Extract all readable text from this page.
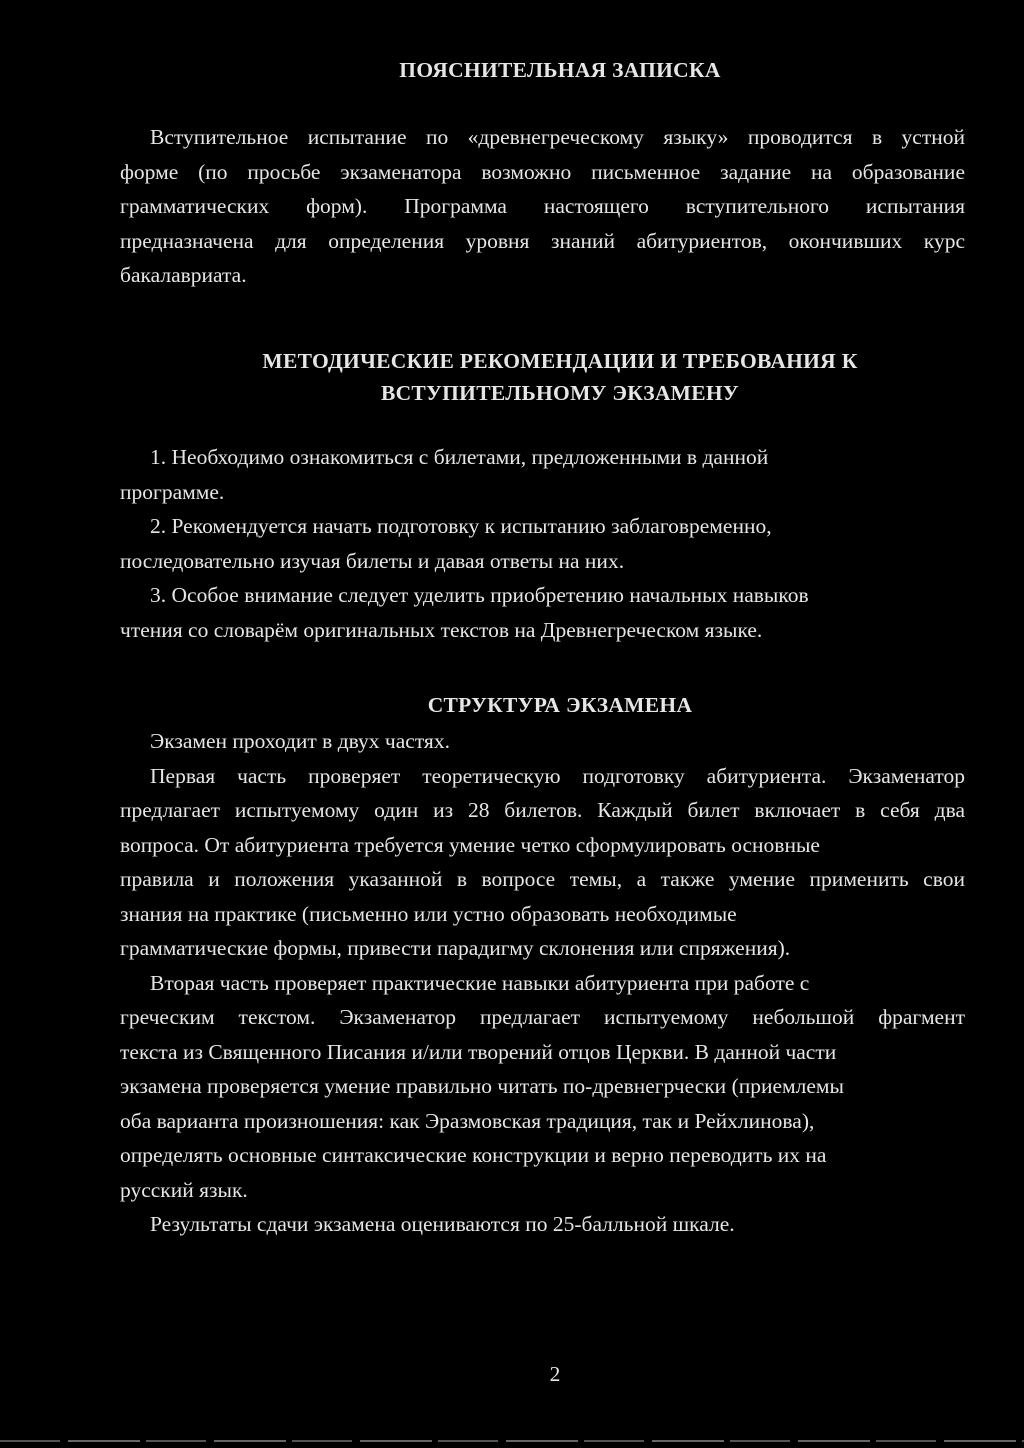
ПОЯСНИТЕЛЬНАЯ ЗАПИСКА
Вступительное испытание по «древнегреческому языку» проводится в устной
форме (по просьбе экзаменатора возможно письменное задание на образование
грамматических форм). Программа настоящего вступительного испытания
предназначена для определения уровня знаний абитуриентов, окончивших курс
бакалавриата.
МЕТОДИЧЕСКИЕ РЕКОМЕНДАЦИИ И ТРЕБОВАНИЯ К
ВСТУПИТЕЛЬНОМУ ЭКЗАМЕНУ
1. Необходимо ознакомиться с билетами, предложенными в данной
программе.
2. Рекомендуется начать подготовку к испытанию заблаговременно,
последовательно изучая билеты и давая ответы на них.
3. Особое внимание следует уделить приобретению начальных навыков
чтения со словарём оригинальных текстов на Древнегреческом языке.
СТРУКТУРА ЭКЗАМЕНА
Экзамен проходит в двух частях.
Первая часть проверяет теоретическую подготовку абитуриента. Экзаменатор
предлагает испытуемому один из 28 билетов. Каждый билет включает в себя два
вопроса. От абитуриента требуется умение четко сформулировать основные
правила и положения указанной в вопросе темы, а также умение применить свои
знания на практике (письменно или устно образовать необходимые
грамматические формы, привести парадигму склонения или спряжения).
Вторая часть проверяет практические навыки абитуриента при работе с
греческим текстом. Экзаменатор предлагает испытуемому небольшой фрагмент
текста из Священного Писания и/или творений отцов Церкви. В данной части
экзамена проверяется умение правильно читать по-древнегрчески (приемлемы
оба варианта произношения: как Эразмовская традиция, так и Рейхлинова),
определять основные синтаксические конструкции и верно переводить их на
русский язык.
Результаты сдачи экзамена оцениваются по 25-балльной шкале.
2
